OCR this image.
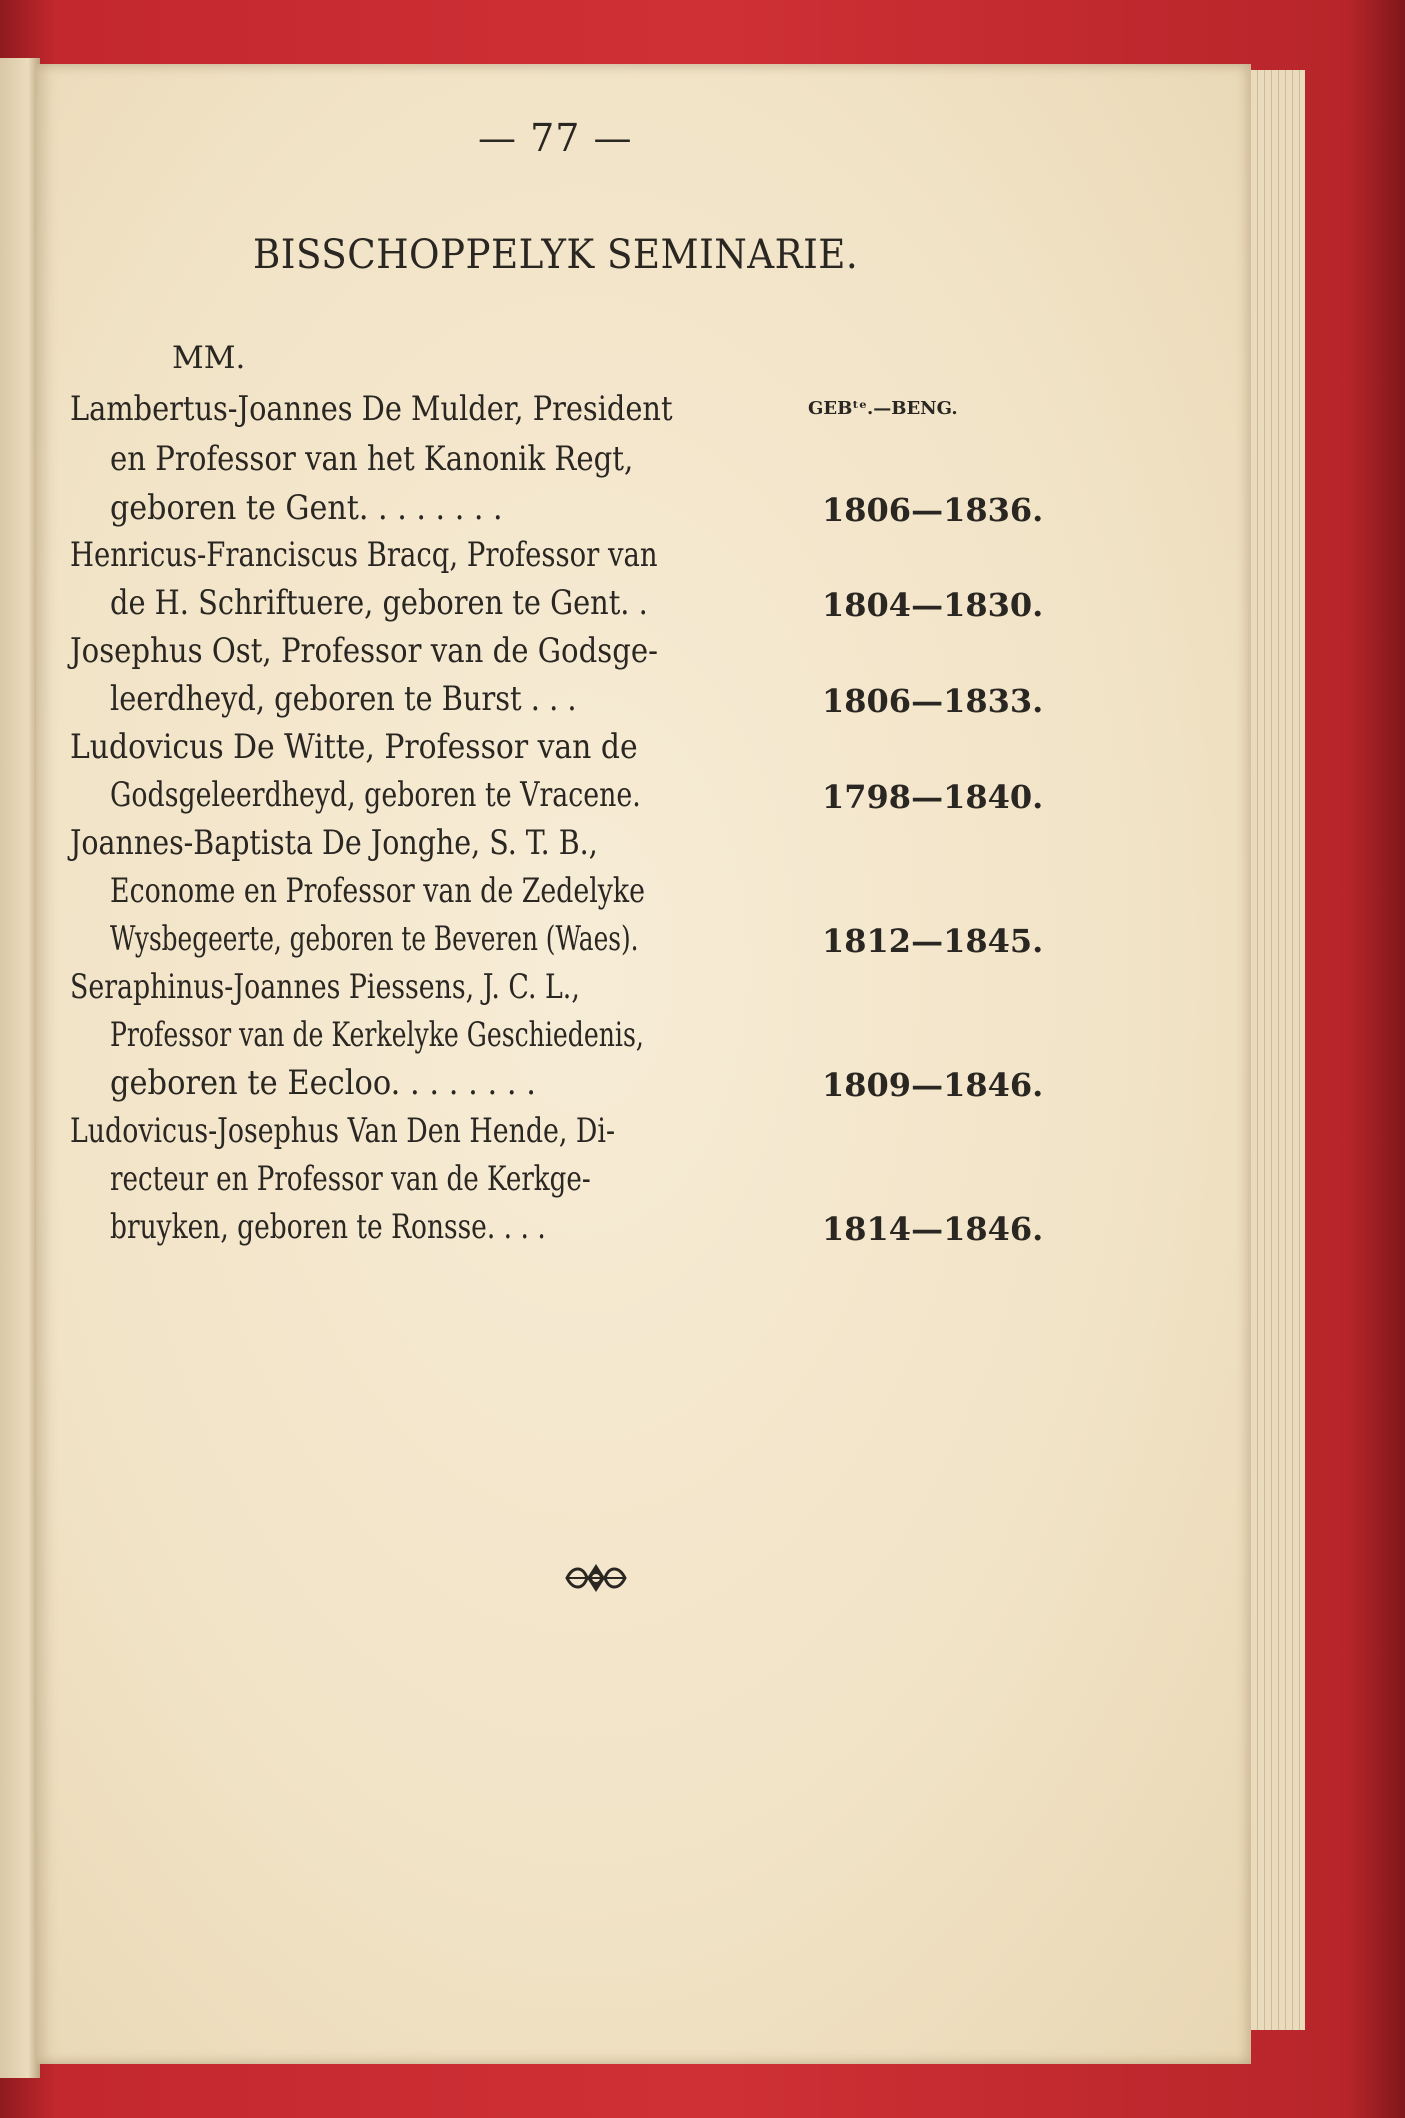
— 77 —
BISSCHOPPELYK SEMINARIE.
MM.
GEBᵗᵉ.—BENG.
Lambertus-Joannes De Mulder, President
en Professor van het Kanonik Regt,
geboren te Gent. . . . . . . .
Henricus-Franciscus Bracq, Professor van
de H. Schriftuere, geboren te Gent. .
Josephus Ost, Professor van de Godsge-
leerdheyd, geboren te Burst . . .
Ludovicus De Witte, Professor van de
Godsgeleerdheyd, geboren te Vracene.
Joannes-Baptista De Jonghe, S. T. B.,
Econome en Professor van de Zedelyke
Wysbegeerte, geboren te Beveren (Waes).
Seraphinus-Joannes Piessens, J. C. L.,
Professor van de Kerkelyke Geschiedenis,
geboren te Eecloo. . . . . . . .
Ludovicus-Josephus Van Den Hende, Di-
recteur en Professor van de Kerkge-
bruyken, geboren te Ronsse. . . .
1806—1836.
1804—1830.
1806—1833.
1798—1840.
1812—1845.
1809—1846.
1814—1846.
